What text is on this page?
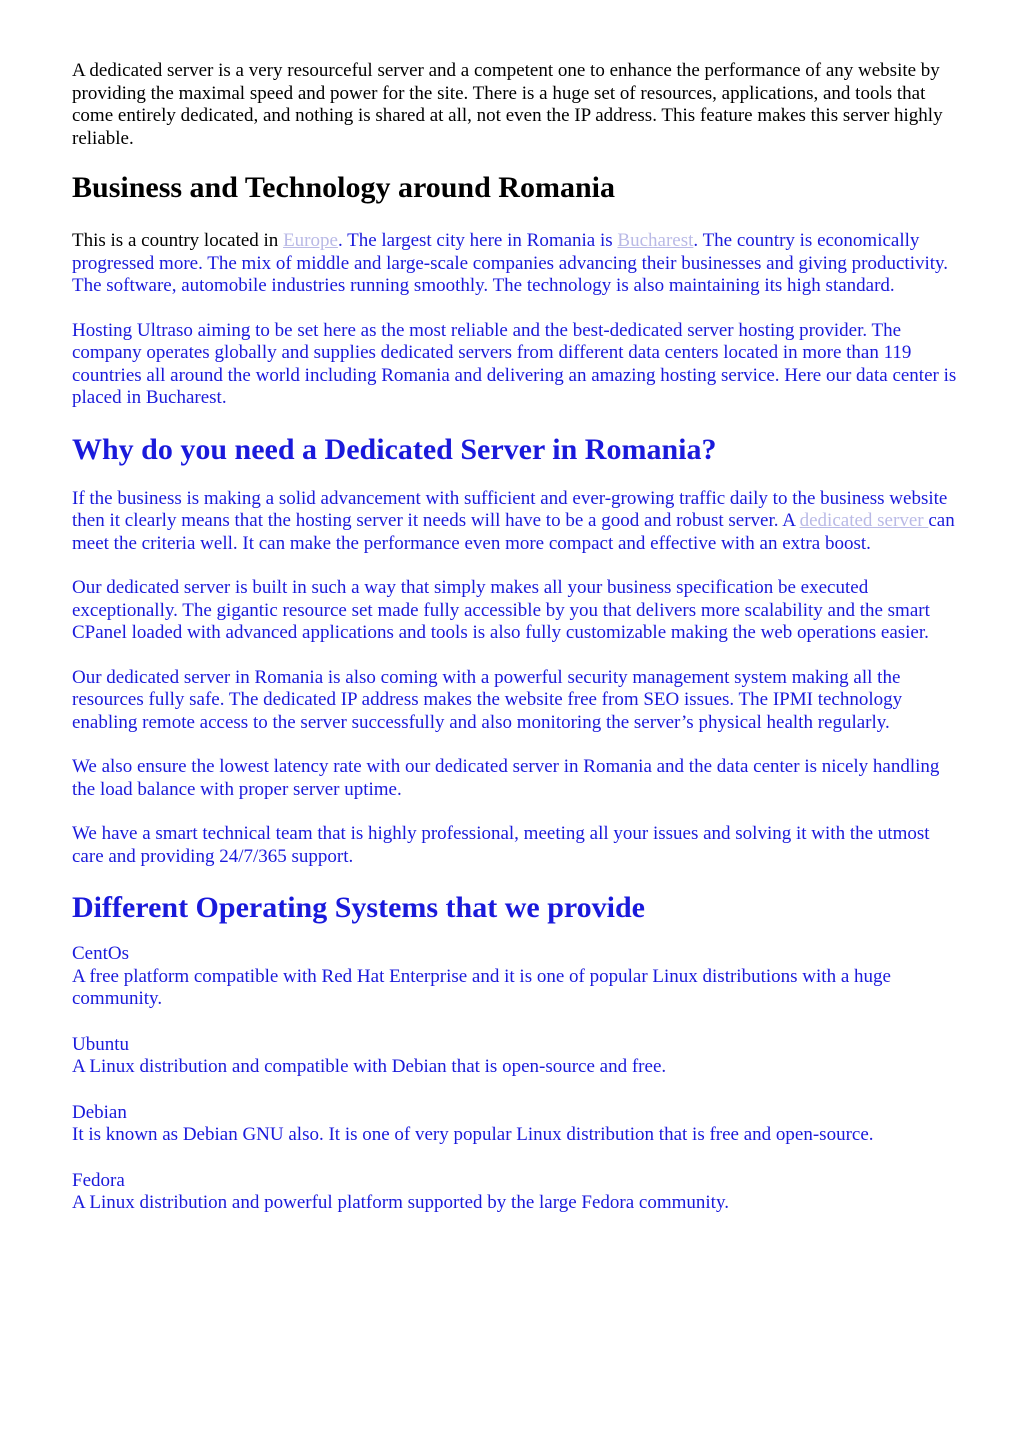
A dedicated server is a very resourceful server and a competent one to enhance the performance of any website by providing the maximal speed and power for the site. There is a huge set of resources, applications, and tools that come entirely dedicated, and nothing is shared at all, not even the IP address. This feature makes this server highly reliable.

Business and Technology around Romania

This is a country located in Europe. The largest city here in Romania is Bucharest. The country is economically progressed more. The mix of middle and large-scale companies advancing their businesses and giving productivity. The software, automobile industries running smoothly. The technology is also maintaining its high standard.

Hosting Ultraso aiming to be set here as the most reliable and the best-dedicated server hosting provider. The company operates globally and supplies dedicated servers from different data centers located in more than 119 countries all around the world including Romania and delivering an amazing hosting service. Here our data center is placed in Bucharest.

Why do you need a Dedicated Server in Romania?

If the business is making a solid advancement with sufficient and ever-growing traffic daily to the business website then it clearly means that the hosting server it needs will have to be a good and robust server. A dedicated server can meet the criteria well. It can make the performance even more compact and effective with an extra boost.

Our dedicated server is built in such a way that simply makes all your business specification be executed exceptionally. The gigantic resource set made fully accessible by you that delivers more scalability and the smart CPanel loaded with advanced applications and tools is also fully customizable making the web operations easier.

Our dedicated server in Romania is also coming with a powerful security management system making all the resources fully safe. The dedicated IP address makes the website free from SEO issues. The IPMI technology enabling remote access to the server successfully and also monitoring the server’s physical health regularly.

We also ensure the lowest latency rate with our dedicated server in Romania and the data center is nicely handling the load balance with proper server uptime.

We have a smart technical team that is highly professional, meeting all your issues and solving it with the utmost care and providing 24/7/365 support.

Different Operating Systems that we provide
CentOs
A free platform compatible with Red Hat Enterprise and it is one of popular Linux distributions with a huge community.
Ubuntu
A Linux distribution and compatible with Debian that is open-source and free.
Debian
It is known as Debian GNU also. It is one of very popular Linux distribution that is free and open-source.
Fedora
A Linux distribution and powerful platform supported by the large Fedora community.
